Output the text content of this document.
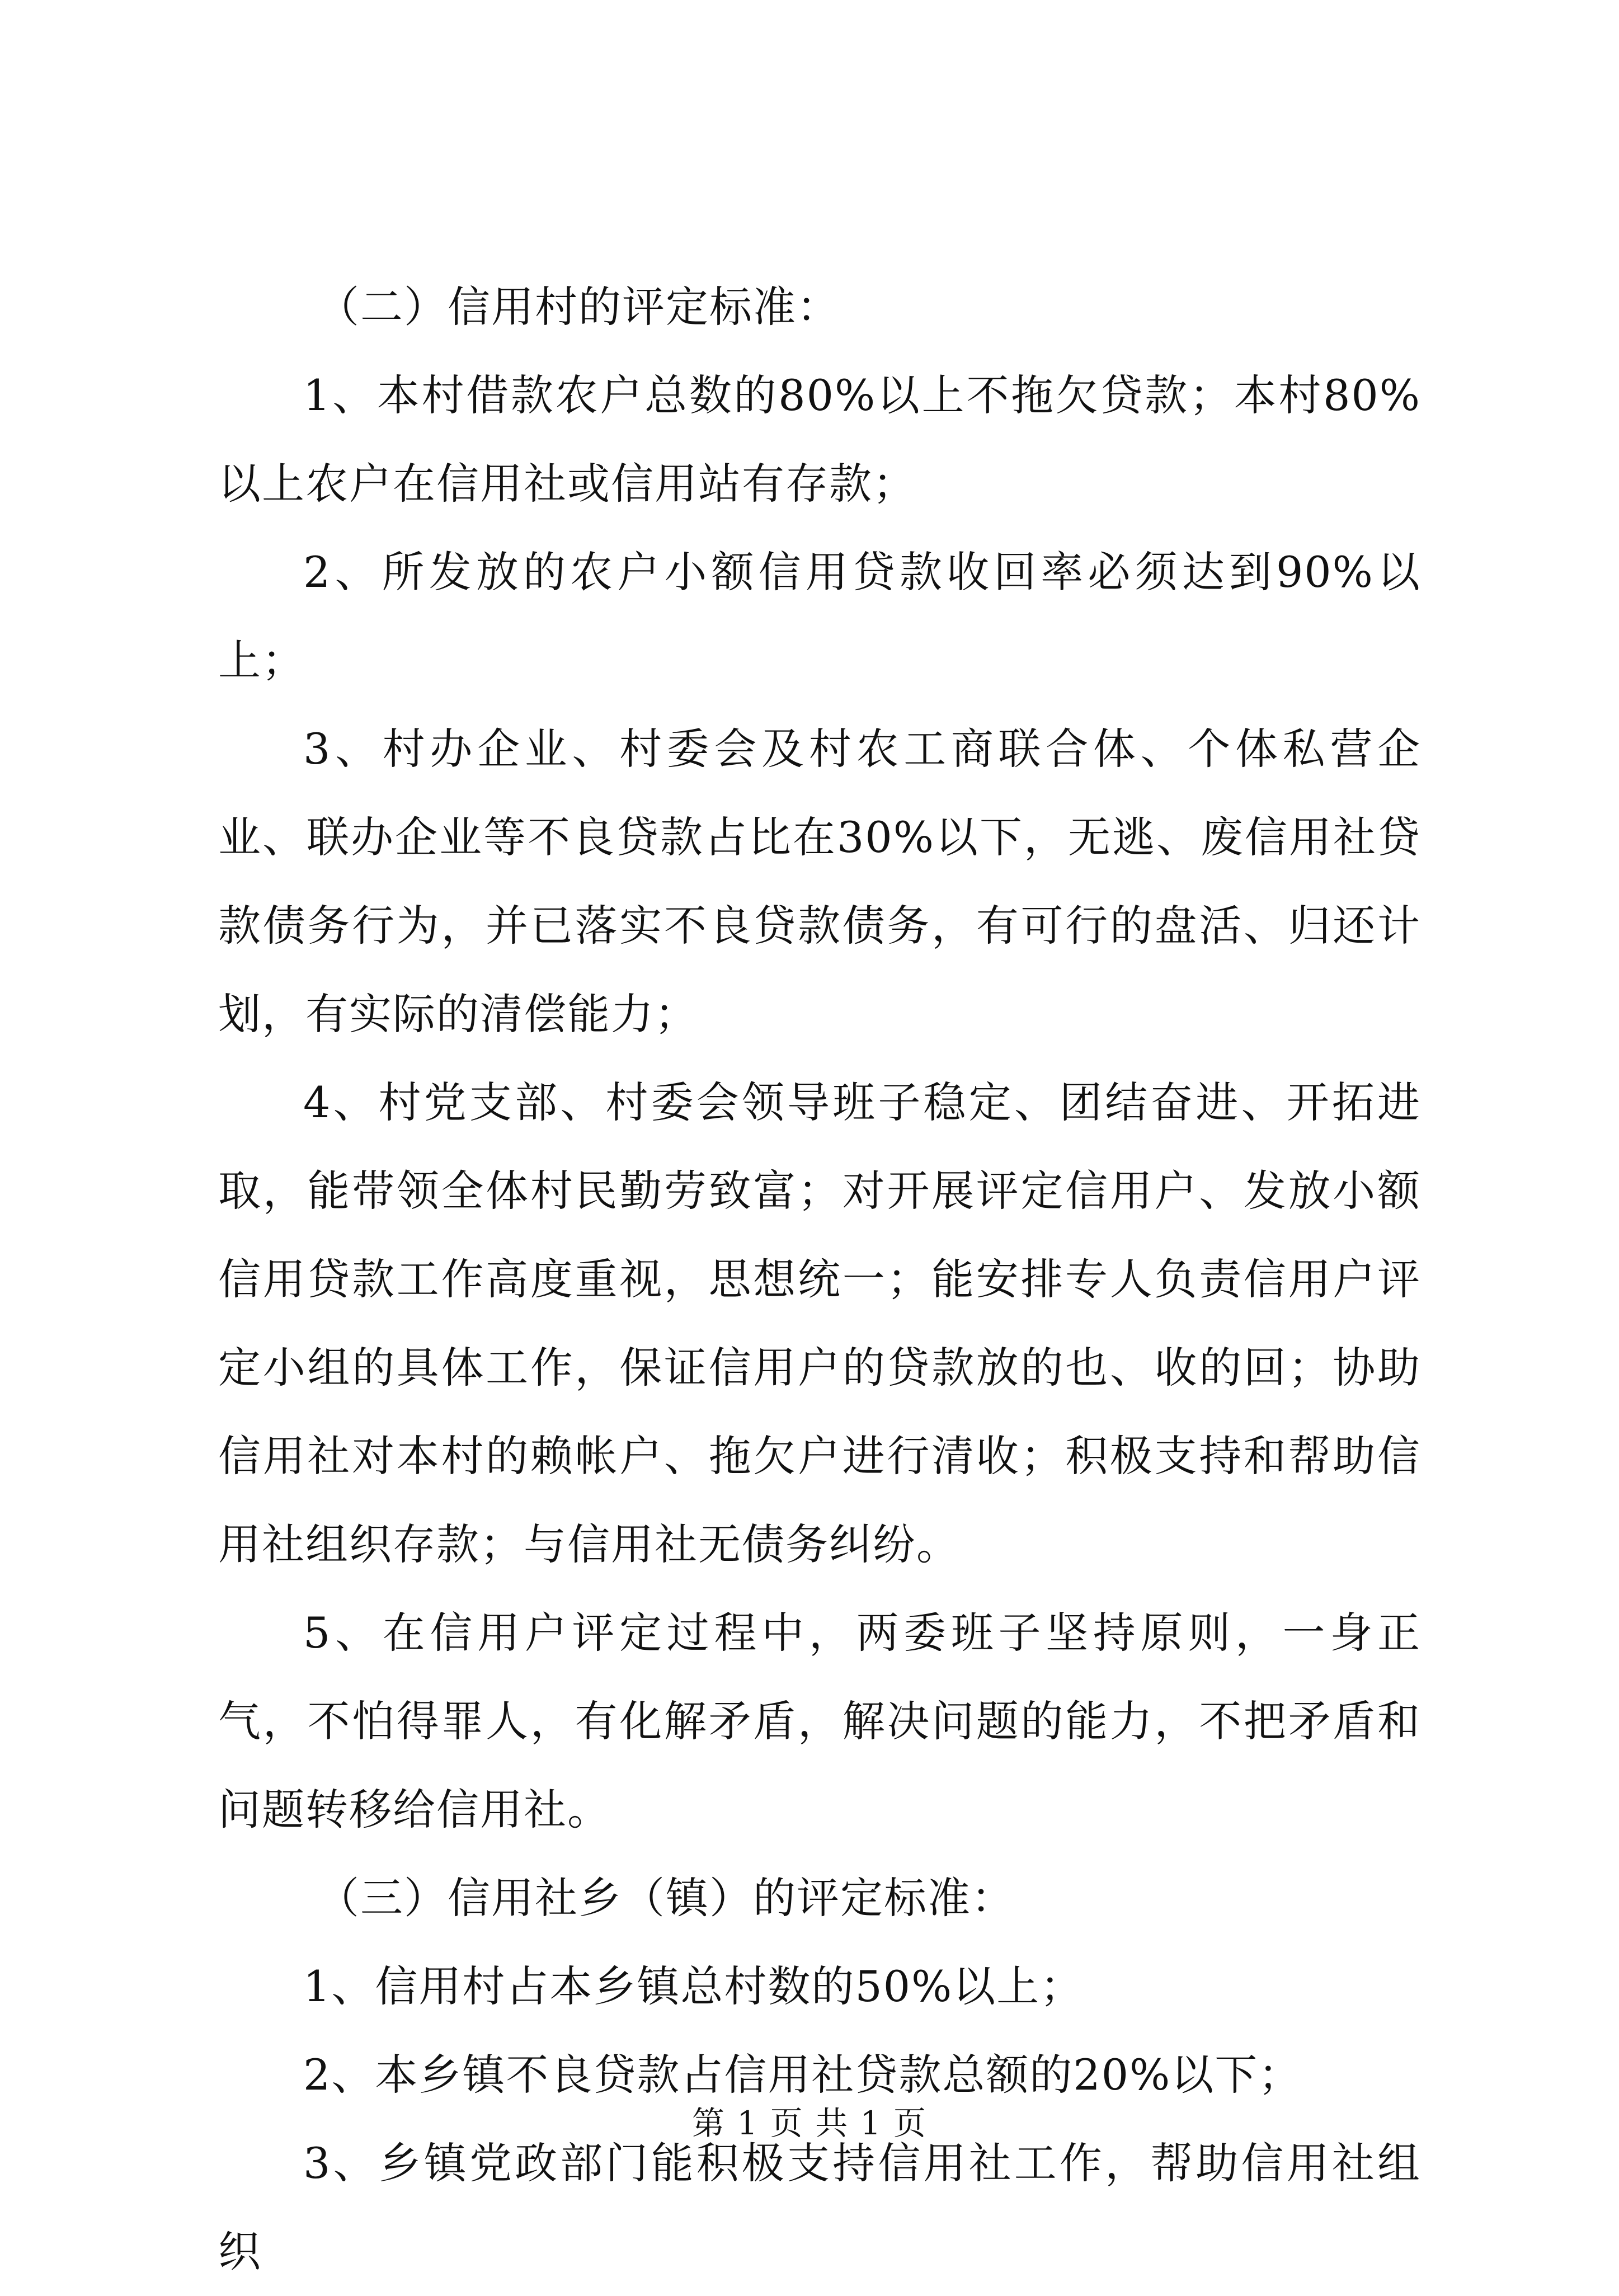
（二）信用村的评定标准：

1、本村借款农户总数的80%以上不拖欠贷款；本村80%以上农户在信用社或信用站有存款；

2、所发放的农户小额信用贷款收回率必须达到90%以上；

3、村办企业、村委会及村农工商联合体、个体私营企业、联办企业等不良贷款占比在30%以下，无逃、废信用社贷款债务行为，并已落实不良贷款债务，有可行的盘活、归还计划，有实际的清偿能力；

4、村党支部、村委会领导班子稳定、团结奋进、开拓进取，能带领全体村民勤劳致富；对开展评定信用户、发放小额信用贷款工作高度重视，思想统一；能安排专人负责信用户评定小组的具体工作，保证信用户的贷款放的也、收的回；协助信用社对本村的赖帐户、拖欠户进行清收；积极支持和帮助信用社组织存款；与信用社无债务纠纷。

5、在信用户评定过程中，两委班子坚持原则，一身正气，不怕得罪人，有化解矛盾，解决问题的能力，不把矛盾和问题转移给信用社。

（三）信用社乡（镇）的评定标准：

1、信用村占本乡镇总村数的50%以上；

2、本乡镇不良贷款占信用社贷款总额的20%以下；

3、乡镇党政部门能积极支持信用社工作，帮助信用社组织

第 1 页 共 1 页
